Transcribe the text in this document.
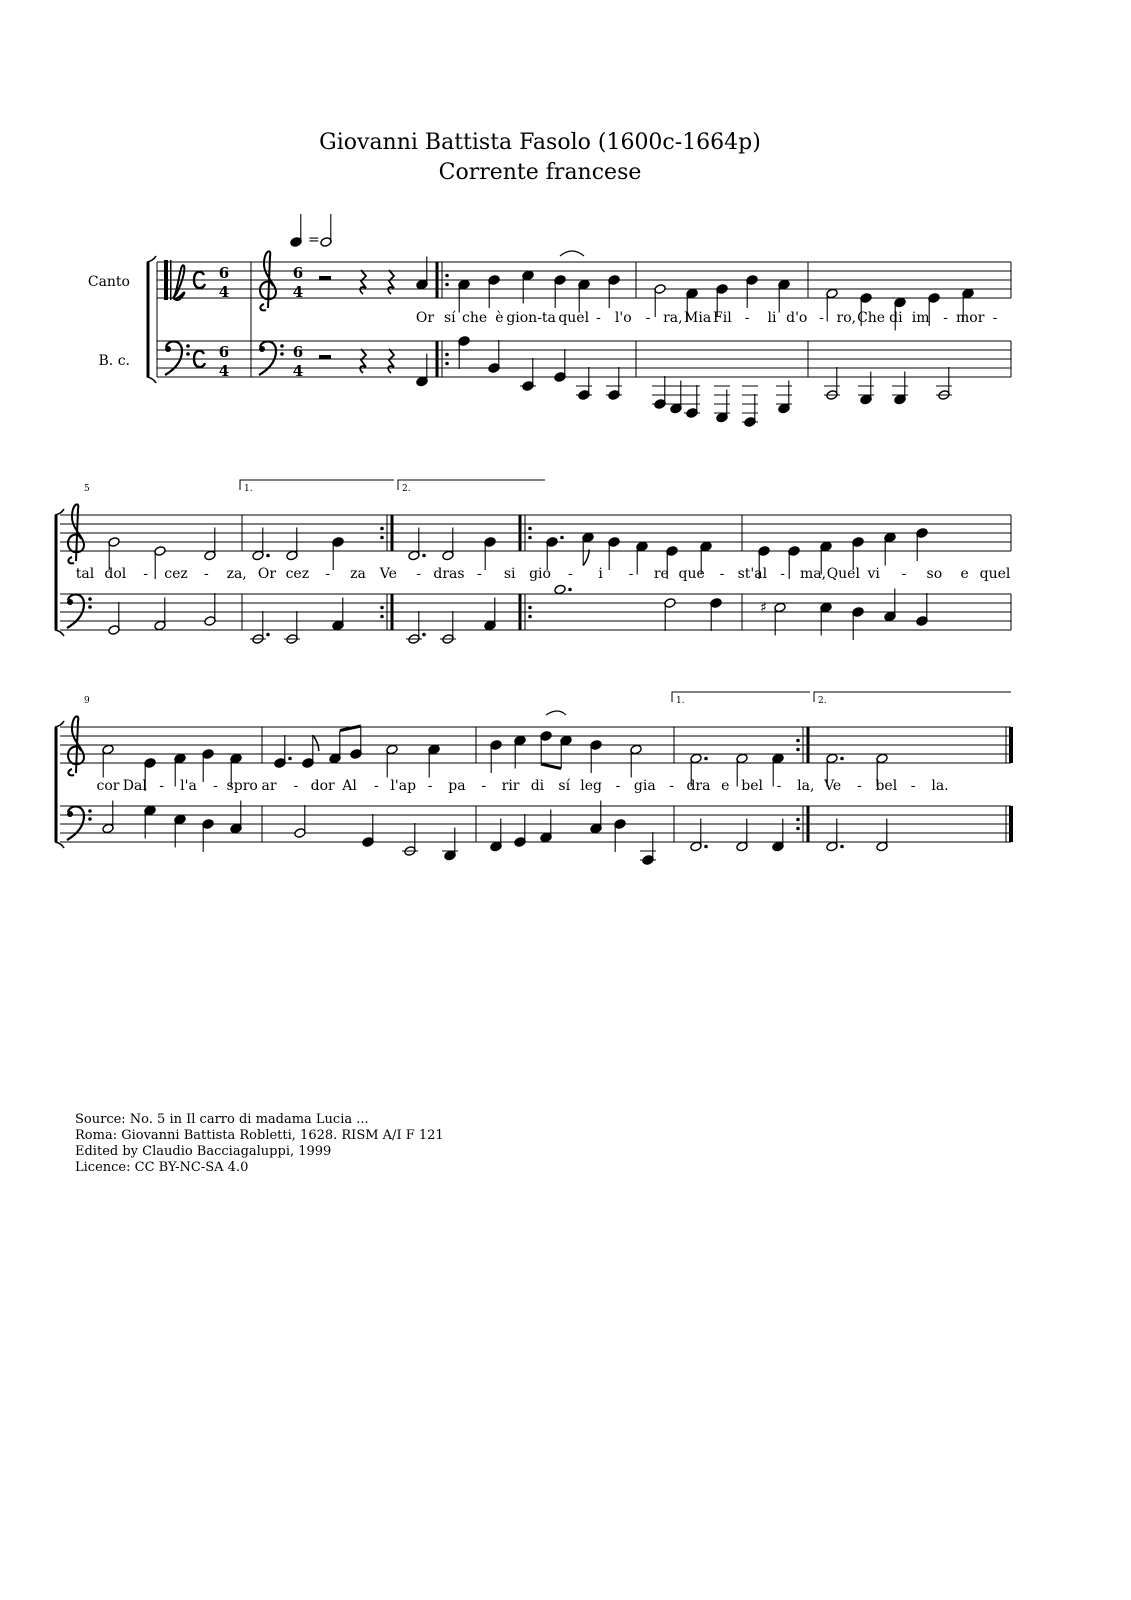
Giovanni Battista Fasolo (1600c-1664p)
Corrente francese
Canto
B. c.
6
4
6
4
6
4
6
4
=
Or sí che è gion- ta quel - l'o - ra, Mia Fil - li d'o - ro, Che di im - mor -
5
♯
1.	2.
tal dol - cez - za, Or cez - za Ve - dras - si gio - i - re que - st'al - ma, Quel vi - so e quel
9	1.	2.
cor Dal - l'a - spro ar - dor Al - l'ap - pa - rir di sí leg - gia - dra e bel - la, Ve - bel - la.
Source: No. 5 in Il carro di madama Lucia ...
Roma: Giovanni Battista Robletti, 1628. RISM A/I F 121
Edited by Claudio Bacciagaluppi, 1999
Licence: CC BY-NC-SA 4.0
